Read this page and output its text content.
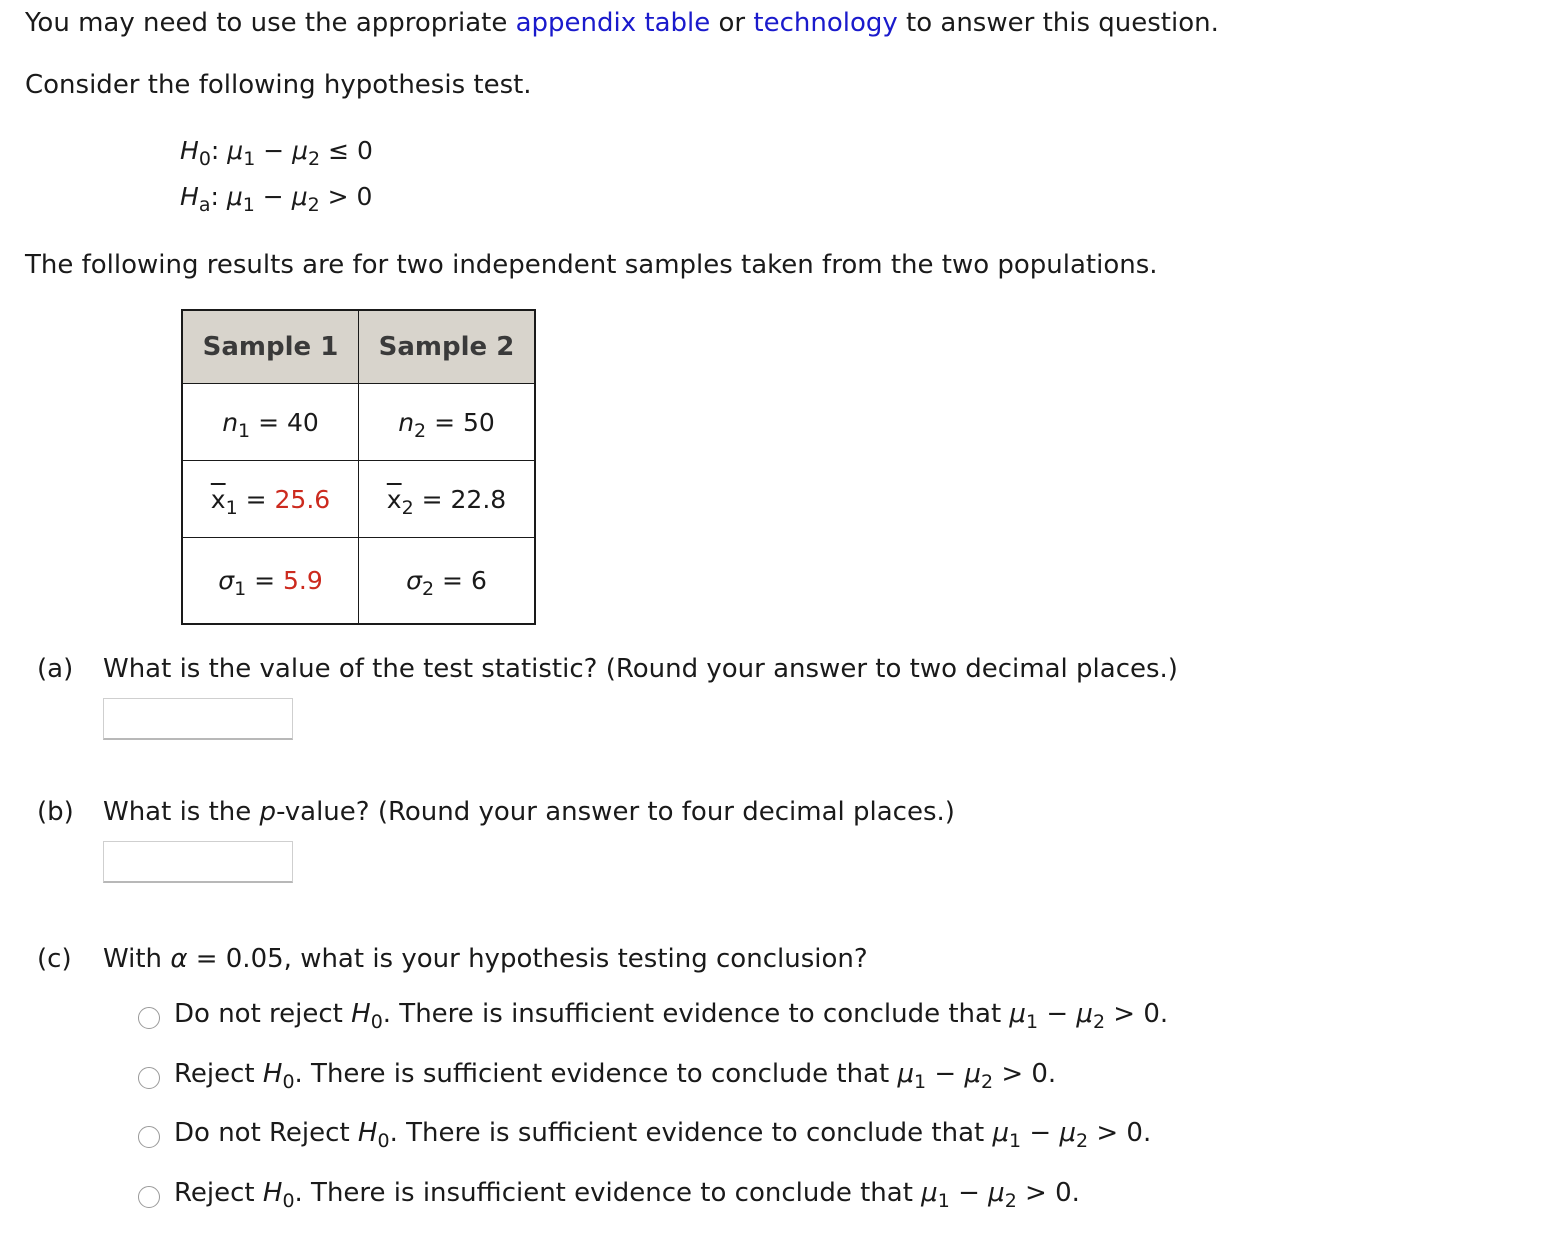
You may need to use the appropriate appendix table or technology to answer this question.
Consider the following hypothesis test.
$H_0$: $\mu_1 - \mu_2 \le 0$
$H_a$: $\mu_1 - \mu_2 > 0$
The following results are for two independent samples taken from the two populations.
Sample 1	Sample 2
$n_1 = 40$	$n_2 = 50$
$\overline{x}_1 = 25.6$	$\overline{x}_2 = 22.8$
$\sigma_1 = 5.9$	$\sigma_2 = 6$
(a) What is the value of the test statistic? (Round your answer to two decimal places.)
(b) What is the p-value? (Round your answer to four decimal places.)
(c) With α = 0.05, what is your hypothesis testing conclusion?
Do not reject $H_0$. There is insufficient evidence to conclude that $\mu_1 - \mu_2 > 0$.
Reject $H_0$. There is sufficient evidence to conclude that $\mu_1 - \mu_2 > 0$.
Do not Reject $H_0$. There is sufficient evidence to conclude that $\mu_1 - \mu_2 > 0$.
Reject $H_0$. There is insufficient evidence to conclude that $\mu_1 - \mu_2 > 0$.
